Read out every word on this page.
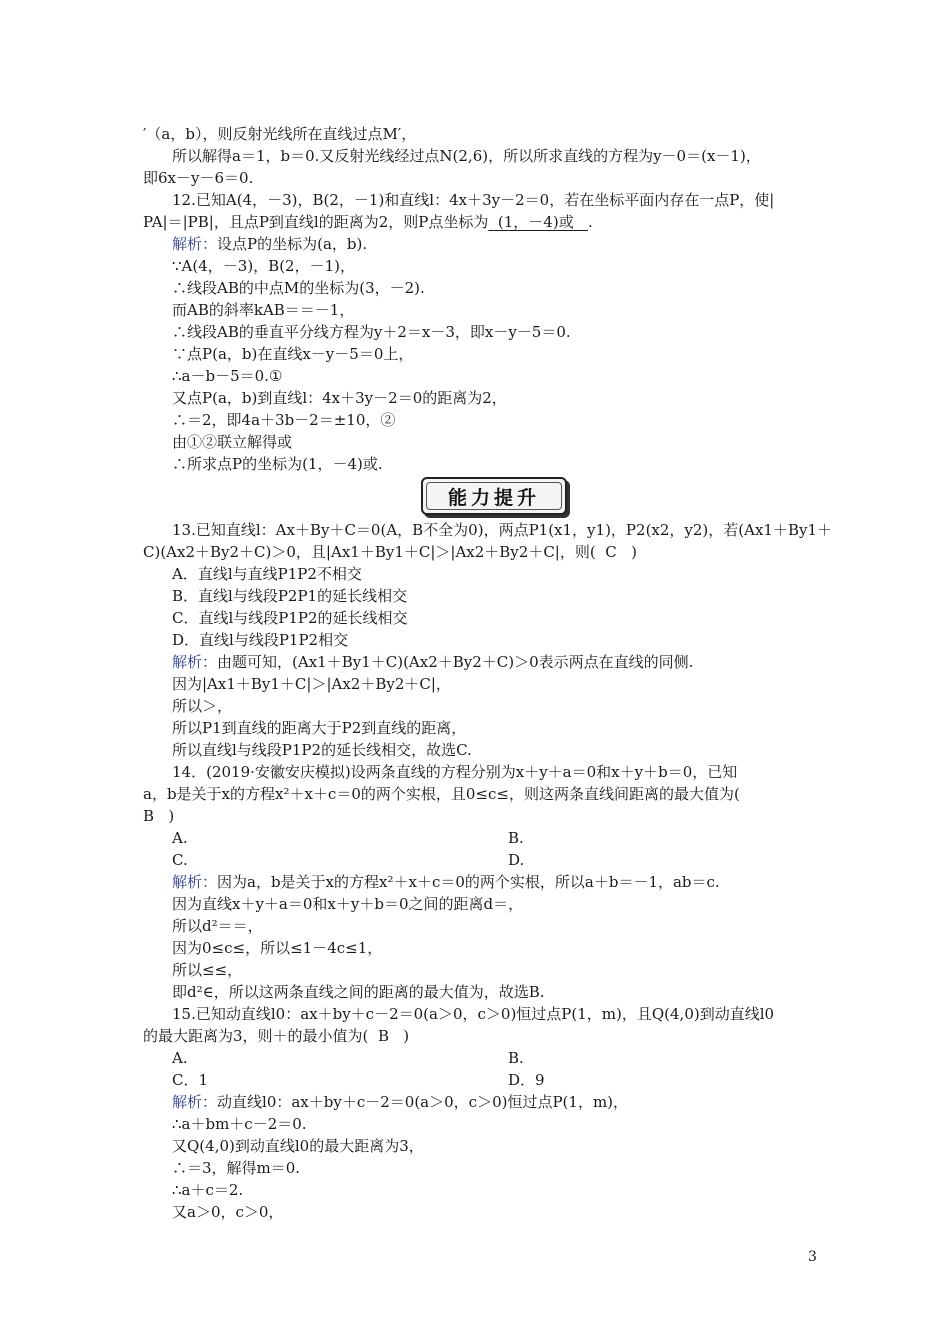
′（a，b），则反射光线所在直线过点M′，
所以解得a＝1，b＝0.又反射光线经过点N(2,6)，所以所求直线的方程为y－0＝(x－1)，
即6x－y－6＝0.
12.已知A(4，－3)，B(2，－1)和直线l：4x＋3y－2＝0，若在坐标平面内存在一点P，使|
PA|＝|PB|，且点P到直线l的距离为2，则P点坐标为 (1，－4)或 .
解析：设点P的坐标为(a，b).
∵A(4，－3)，B(2，－1)，
∴线段AB的中点M的坐标为(3，－2).
而AB的斜率kAB＝＝－1，
∴线段AB的垂直平分线方程为y＋2＝x－3，即x－y－5＝0.
∵点P(a，b)在直线x－y－5＝0上，
∴a－b－5＝0.①
又点P(a，b)到直线l：4x＋3y－2＝0的距离为2，
∴＝2，即4a＋3b－2＝±10，②
由①②联立解得或
∴所求点P的坐标为(1，－4)或.
能力提升
13.已知直线l：Ax＋By＋C＝0(A，B不全为0)，两点P1(x1，y1)，P2(x2，y2)，若(Ax1＋By1＋
C)(Ax2＋By2＋C)＞0，且|Ax1＋By1＋C|＞|Ax2＋By2＋C|，则( C )
A．直线l与直线P1P2不相交
B．直线l与线段P2P1的延长线相交
C．直线l与线段P1P2的延长线相交
D．直线l与线段P1P2相交
解析：由题可知，(Ax1＋By1＋C)(Ax2＋By2＋C)＞0表示两点在直线的同侧.
因为|Ax1＋By1＋C|＞|Ax2＋By2＋C|，
所以＞，
所以P1到直线的距离大于P2到直线的距离，
所以直线l与线段P1P2的延长线相交，故选C.
14．(2019·安徽安庆模拟)设两条直线的方程分别为x＋y＋a＝0和x＋y＋b＝0，已知
a，b是关于x的方程x²＋x＋c＝0的两个实根，且0≤c≤，则这两条直线间距离的最大值为(
B )
A.	B.
C.	D.
解析：因为a，b是关于x的方程x²＋x＋c＝0的两个实根，所以a＋b＝－1，ab＝c.
因为直线x＋y＋a＝0和x＋y＋b＝0之间的距离d＝，
所以d²＝＝，
因为0≤c≤，所以≤1－4c≤1，
所以≤≤，
即d²∈，所以这两条直线之间的距离的最大值为，故选B.
15.已知动直线l0：ax＋by＋c－2＝0(a＞0，c＞0)恒过点P(1，m)，且Q(4,0)到动直线l0
的最大距离为3，则＋的最小值为( B )
A.	B.
C．1	D．9
解析：动直线l0：ax＋by＋c－2＝0(a＞0，c＞0)恒过点P(1，m)，
∴a＋bm＋c－2＝0.
又Q(4,0)到动直线l0的最大距离为3，
∴＝3，解得m＝0.
∴a＋c＝2.
又a＞0，c＞0，
3
